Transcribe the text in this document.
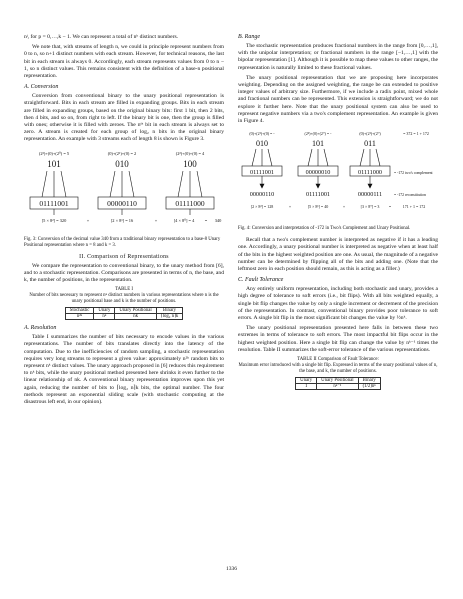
nʲ, for p = 0,…,k − 1. We can represent a total of nᵏ distinct numbers.

We note that, with streams of length n, we could in principle represent numbers from 0 to n, so n+1 distinct numbers with each stream. However, for technical reasons, the last bit in each stream is always 0. Accordingly, each stream represents values from 0 to n − 1, so n distinct values. This remains consistent with the definition of a base-n positional representation.

A. Conversion

Conversion from conventional binary to the unary positional representation is straightforward. Bits in each stream are filled in expanding groups. Bits in each stream are filled in expanding groups, based on the original binary bits: first 1 bit, then 2 bits, then 4 bits, and so on, from right to left. If the binary bit is one, then the group is filled with ones; otherwise it is filled with zeroes. The nᵗʰ bit in each stream is always set to zero. A stream is created for each group of log₂ n bits in the original binary representation. An example with 3 streams each of length 8 is shown is Figure 3.

(2²)+(0)+(2⁰) = 5	(0)+(2¹)+(0) = 2	(2²)+(0)+(0) = 4
101	010	100
01111001	00000110	01111000
[5 × 8²] = 320	+	[2 × 8¹] = 16	+	[4 × 8⁰] = 4 = 340
Fig. 3: Conversion of the decimal value 340 from a traditional binary representation to a base-8 Unary Positional representation where n = 8 and k = 3.
II. Comparison of Representations

We compare the representation to conventional binary, to the unary method from [6], and to a stochastic representation. Comparisons are presented in terms of n, the base, and k, the number of positions, in the representation.

TABLE I
Number of bits necessary to represent nᵏ distinct numbers in various representations where n is the unary positional base and k is the number of positions.
Stochastic	Unary	Unary Positional	Binary
n²ᵏ	nᵏ	nk	⌈log₂ n⌉k
A. Resolution

Table I summarizes the number of bits necessary to encode values in the various representations. The number of bits translates directly into the latency of the computation. Due to the inefficiencies of random sampling, a stochastic representation requires very long streams to represent a given value: approximately n²ᵏ random bits to represent nᵏ distinct values. The unary approach proposed in [6] reduces this requirement to nᵏ bits, while the unary positional method presented here shrinks it even further to the linear relationship of nk. A conventional binary representation improves upon this yet again, reducing the number of bits to ⌈log₂ n⌉k bits, the optimal number. The four methods represent an exponential sliding scale (with stochastic computing at the disastrous left end, in our opinion).

B. Range

The stochastic representation produces fractional numbers in the range from [0,…,1], with the unipolar interpretation; or fractional numbers in the range [−1,…,1] with the bipolar representation [1]. Although it is possible to map these values to other ranges, the representation is naturally limited to these fractional values.

The unary positional representation that we are proposing here incorporates weighting. Depending on the assigned weighting, the range be can extended to positive integer values of arbitrary size. Furthermore, if we include a radix point, mixed whole and fractional numbers can be represented. This extension is straightforward; we do not explore it further here. Note that the unary positional system can also be used to represent negative numbers via a two's complement representation. An example is given in Figure 4.

(0)+(2¹)+(0) = -	(2²)+(0)+(2⁰) = -	(0)+(2¹)+(2⁰)	= 372 = 1 + 172
010	101	011
01111001	00000010	01111000
00000110	01111001	00000111
= -172 two's complement
= -172 reconstitution
[2 × 8²] = 128	+	[5 × 8¹] = 40	+	[3 × 8⁰] = 3 =	171 + 1 = 172
Fig. 4: Conversion and interpretation of -172 in Two's Complement and Unary Positional.

Recall that a two's complement number is interpreted as negative if it has a leading one. Accordingly, a unary positional number is interpreted as negative when at least half of the bits in the highest weighted position are one. As usual, the magnitude of a negative number can be determined by flipping all of the bits and adding one. (Note that the leftmost zero in each position should remain, as this is acting as a filler.)

C. Fault Tolerance

Any entirely uniform representation, including both stochastic and unary, provides a high degree of tolerance to soft errors (i.e., bit flips). With all bits weighted equally, a single bit flip changes the value by only a single increment or decrement of the precision of the representation. In contrast, conventional binary provides poor tolerance to soft errors. A single bit flip in the most significant bit changes the value by ½nᵏ.

The unary positional representation presented here falls in between these two extremes in terms of tolerance to soft errors. The most impactful bit flips occur in the highest weighted position. Here a single bit flip can change the value by nᵏ⁻¹ times the resolution. Table II summarizes the soft-error tolerance of the various representations.

TABLE II Comparison of Fault Tolerance:
Maximum error introduced with a single bit flip. Expressed in terms of the unary positional values of n, the base, and k, the number of positions.
Unary	Unary Positional	Binary
1	nᵏ⁻¹	(1/2)nᵏ
1336
